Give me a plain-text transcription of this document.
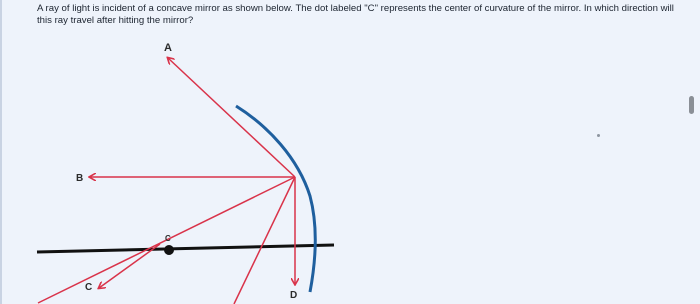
A ray of light is incident of a concave mirror as shown below. The dot labeled "C" represents the center of curvature of the mirror. In which direction will this ray travel after hitting the mirror?

A
B
C
C
D
